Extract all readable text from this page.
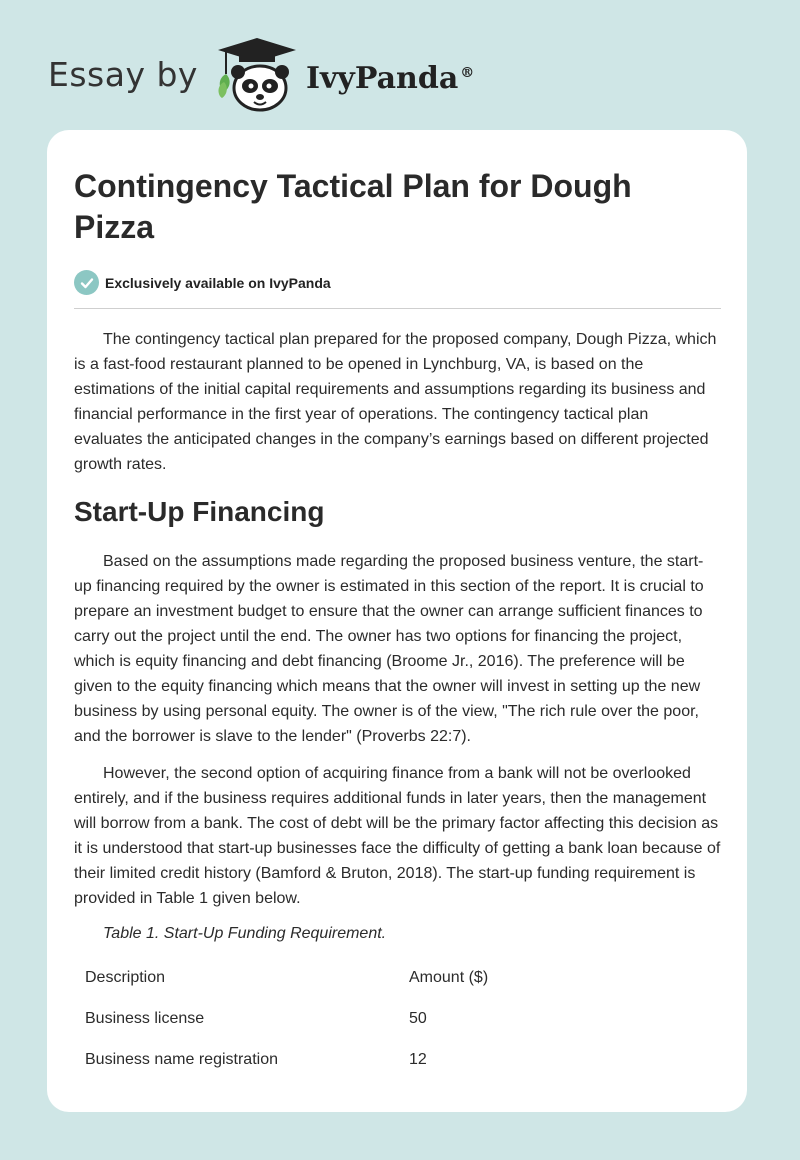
Essay by	IvyPanda ®
Contingency Tactical Plan for Dough Pizza
Exclusively available on IvyPanda

The contingency tactical plan prepared for the proposed company, Dough Pizza, which is a fast-food restaurant planned to be opened in Lynchburg, VA, is based on the estimations of the initial capital requirements and assumptions regarding its business and financial performance in the first year of operations. The contingency tactical plan evaluates the anticipated changes in the company’s earnings based on different projected growth rates.

Start-Up Financing

Based on the assumptions made regarding the proposed business venture, the start-up financing required by the owner is estimated in this section of the report. It is crucial to prepare an investment budget to ensure that the owner can arrange sufficient finances to carry out the project until the end. The owner has two options for financing the project, which is equity financing and debt financing (Broome Jr., 2016). The preference will be given to the equity financing which means that the owner will invest in setting up the new business by using personal equity. The owner is of the view, "The rich rule over the poor, and the borrower is slave to the lender" (Proverbs 22:7).

However, the second option of acquiring finance from a bank will not be overlooked entirely, and if the business requires additional funds in later years, then the management will borrow from a bank. The cost of debt will be the primary factor affecting this decision as it is understood that start-up businesses face the difficulty of getting a bank loan because of their limited credit history (Bamford & Bruton, 2018). The start-up funding requirement is provided in Table 1 given below.

Table 1. Start-Up Funding Requirement.
Description	Amount ($)
Business license	50
Business name registration	12
